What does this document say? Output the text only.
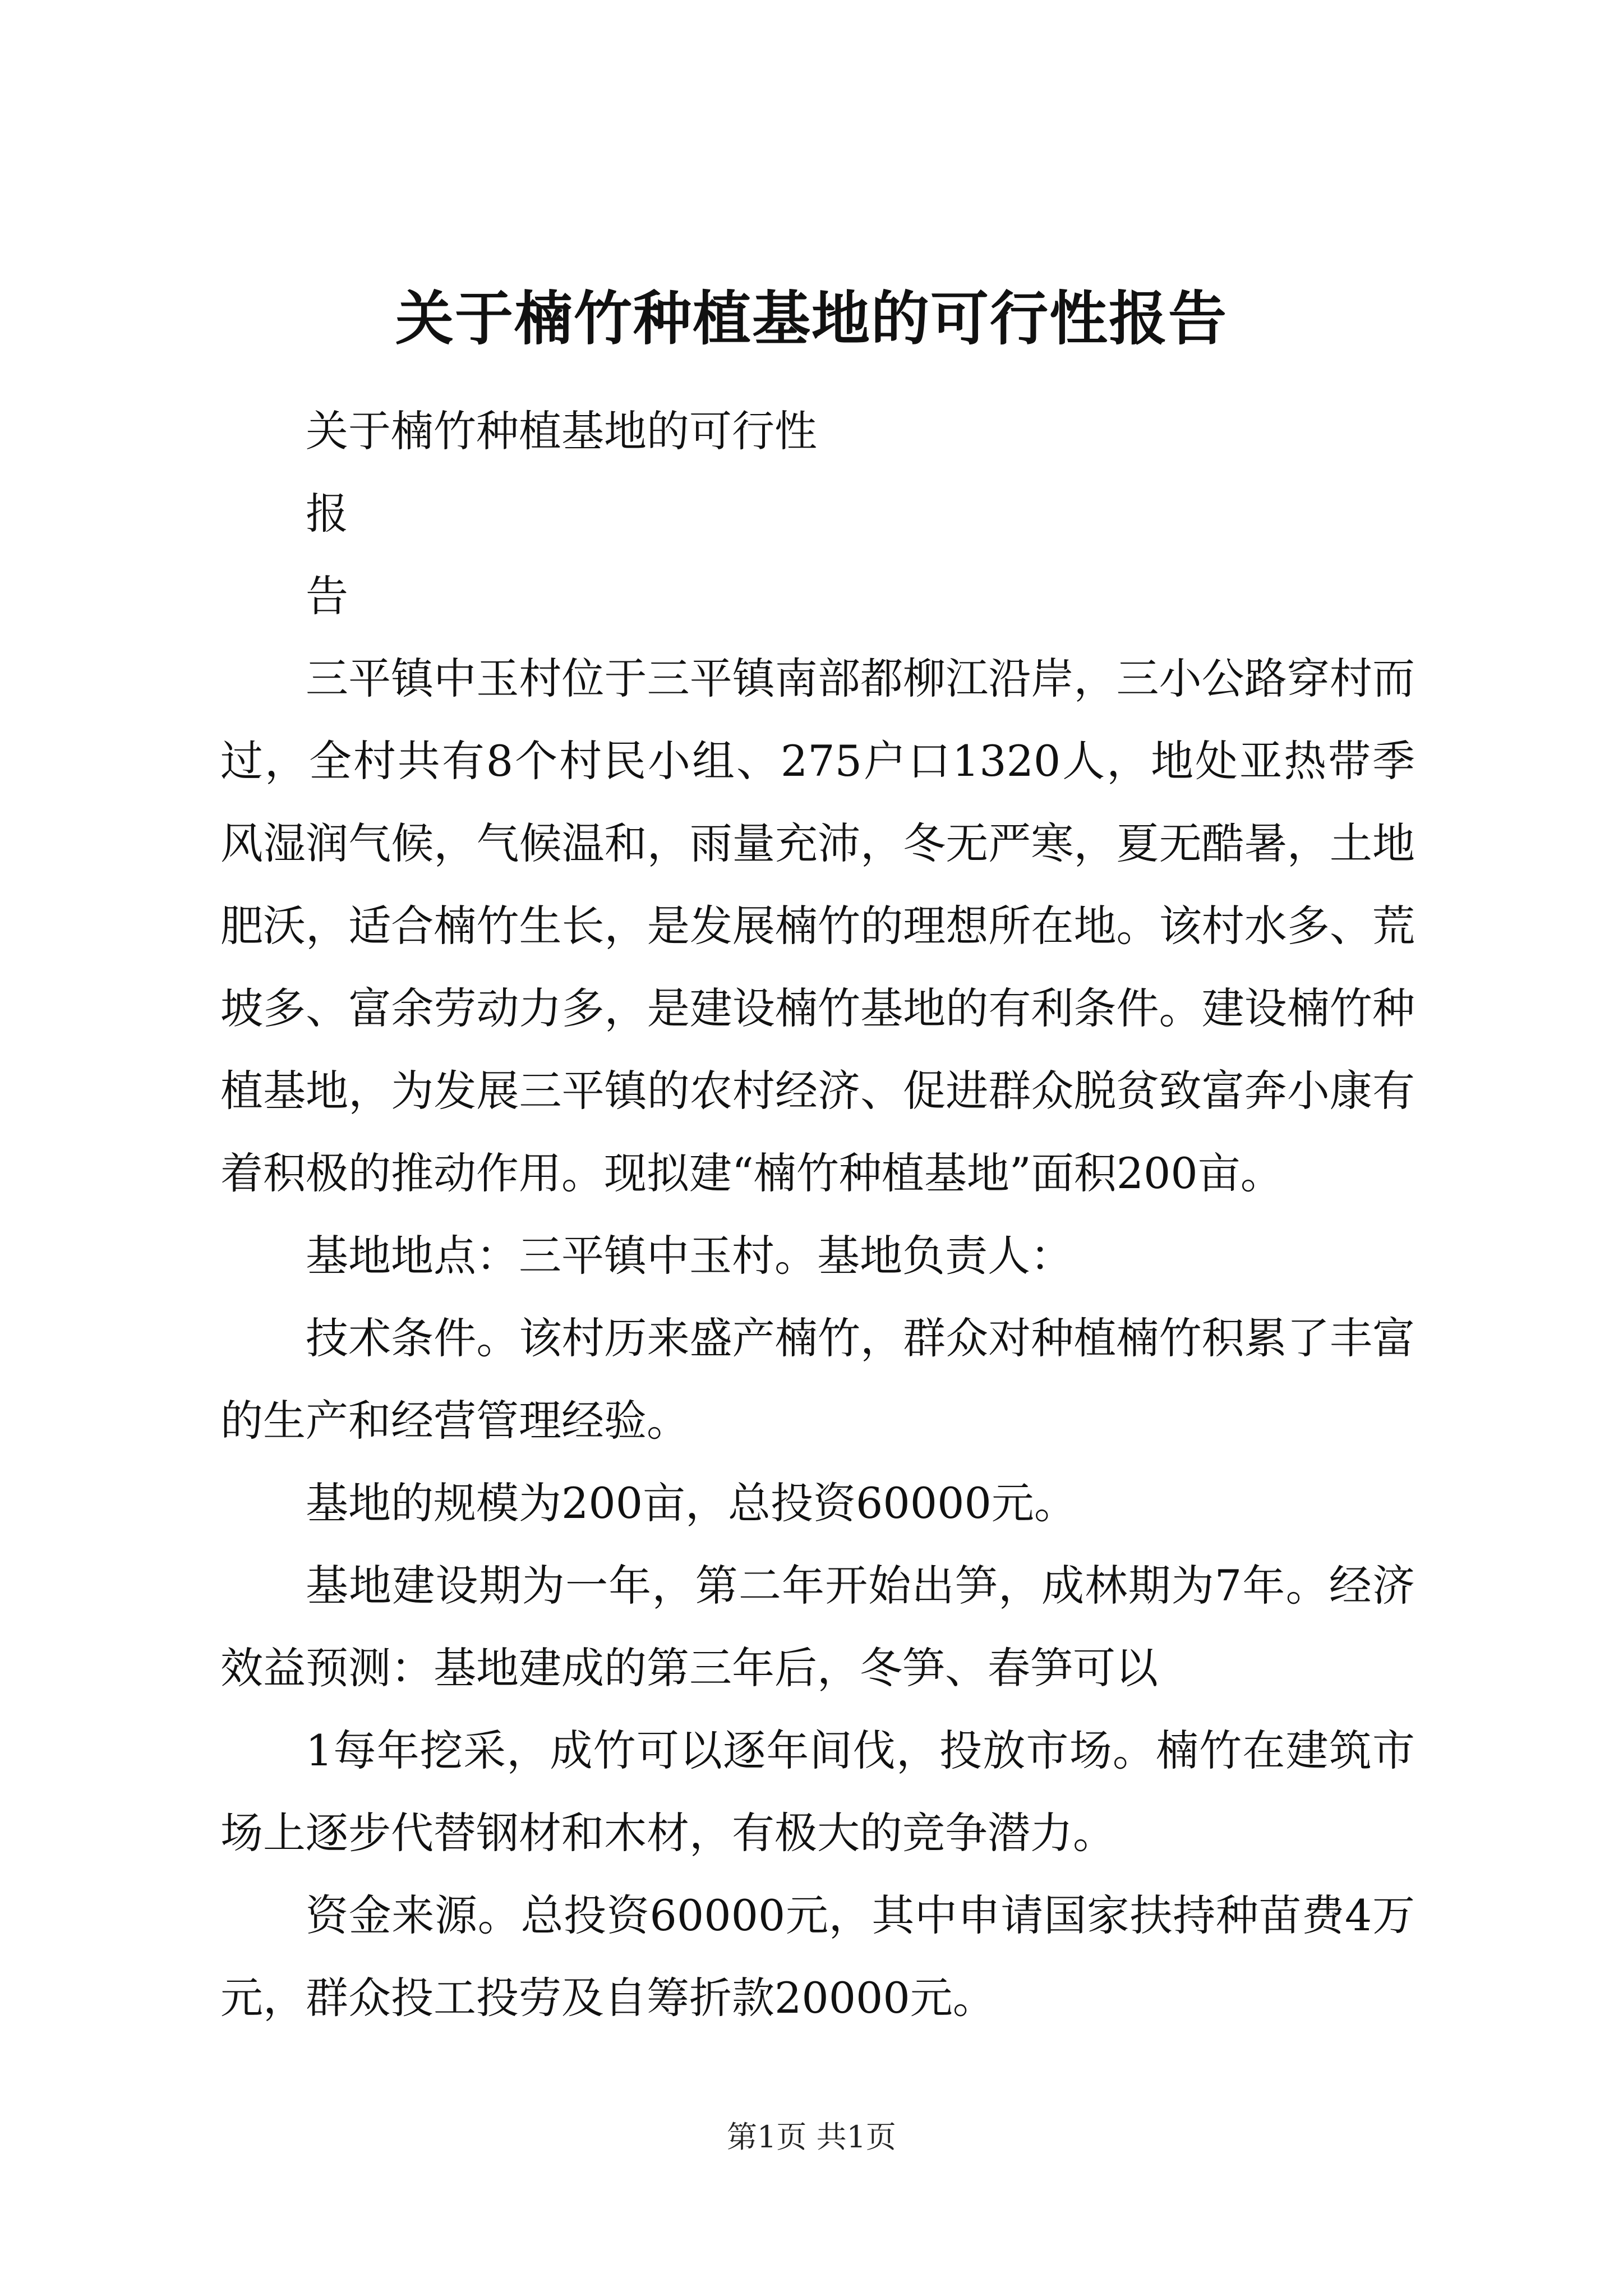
关于楠竹种植基地的可行性报告

关于楠竹种植基地的可行性

报

告

三平镇中玉村位于三平镇南部都柳江沿岸，三小公路穿村而过，全村共有8个村民小组、275户口1320人，地处亚热带季风湿润气候，气候温和，雨量充沛，冬无严寒，夏无酷暑，土地肥沃，适合楠竹生长，是发展楠竹的理想所在地。该村水多、荒坡多、富余劳动力多，是建设楠竹基地的有利条件。建设楠竹种植基地，为发展三平镇的农村经济、促进群众脱贫致富奔小康有着积极的推动作用。现拟建“楠竹种植基地”面积200亩。

基地地点：三平镇中玉村。基地负责人：

技术条件。该村历来盛产楠竹，群众对种植楠竹积累了丰富的生产和经营管理经验。

基地的规模为200亩，总投资60000元。

基地建设期为一年，第二年开始出笋，成林期为7年。经济效益预测：基地建成的第三年后，冬笋、春笋可以

1每年挖采，成竹可以逐年间伐，投放市场。楠竹在建筑市场上逐步代替钢材和木材，有极大的竞争潜力。

资金来源。总投资60000元，其中申请国家扶持种苗费4万元，群众投工投劳及自筹折款20000元。

第1页 共1页
